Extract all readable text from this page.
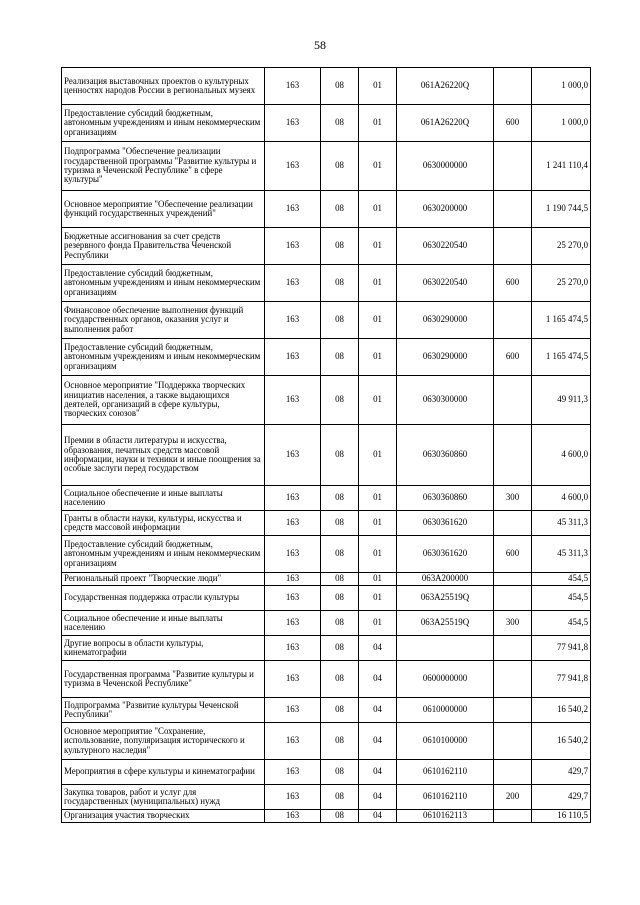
58
Реализация выставочных проектов о культурных ценностях народов России в региональных музеях	163	08	01	061A26220Q		1 000,0
Предоставление субсидий бюджетным, автономным учреждениям и иным некоммерческим организациям	163	08	01	061A26220Q	600	1 000,0
Подпрограмма "Обеспечение реализации государственной программы "Развитие культуры и туризма в Чеченской Республике" в сфере культуры"	163	08	01	0630000000		1 241 110,4
Основное мероприятие "Обеспечение реализации функций государственных учреждений"	163	08	01	0630200000		1 190 744,5
Бюджетные ассигнования за счет средств резервного фонда Правительства Чеченской Республики	163	08	01	0630220540		25 270,0
Предоставление субсидий бюджетным, автономным учреждениям и иным некоммерческим организациям	163	08	01	0630220540	600	25 270,0
Финансовое обеспечение выполнения функций государственных органов, оказания услуг и выполнения работ	163	08	01	0630290000		1 165 474,5
Предоставление субсидий бюджетным, автономным учреждениям и иным некоммерческим организациям	163	08	01	0630290000	600	1 165 474,5
Основное мероприятие "Поддержка творческих инициатив населения, а также выдающихся деятелей, организаций в сфере культуры, творческих союзов"	163	08	01	0630300000		49 911,3
Премии в области литературы и искусства, образования, печатных средств массовой информации, науки и техники и иные поощрения за особые заслуги перед государством	163	08	01	0630360860		4 600,0
Социальное обеспечение и иные выплаты населению	163	08	01	0630360860	300	4 600,0
Гранты в области науки, культуры, искусства и средств массовой информации	163	08	01	0630361620		45 311,3
Предоставление субсидий бюджетным, автономным учреждениям и иным некоммерческим организациям	163	08	01	0630361620	600	45 311,3
Региональный проект "Творческие люди"	163	08	01	063A200000		454,5
Государственная поддержка отрасли культуры	163	08	01	063A25519Q		454,5
Социальное обеспечение и иные выплаты населению	163	08	01	063A25519Q	300	454,5
Другие вопросы в области культуры, кинематографии	163	08	04			77 941,8
Государственная программа "Развитие культуры и туризма в Чеченской Республике"	163	08	04	0600000000		77 941,8
Подпрограмма "Развитие культуры Чеченской Республики"	163	08	04	0610000000		16 540,2
Основное мероприятие "Сохранение, использование, популяризация исторического и культурного наследия"	163	08	04	0610100000		16 540,2
Мероприятия в сфере культуры и кинематографии	163	08	04	0610162110		429,7
Закупка товаров, работ и услуг для государственных (муниципальных) нужд	163	08	04	0610162110	200	429,7
Организация участия творческих	163	08	04	0610162113		16 110,5
